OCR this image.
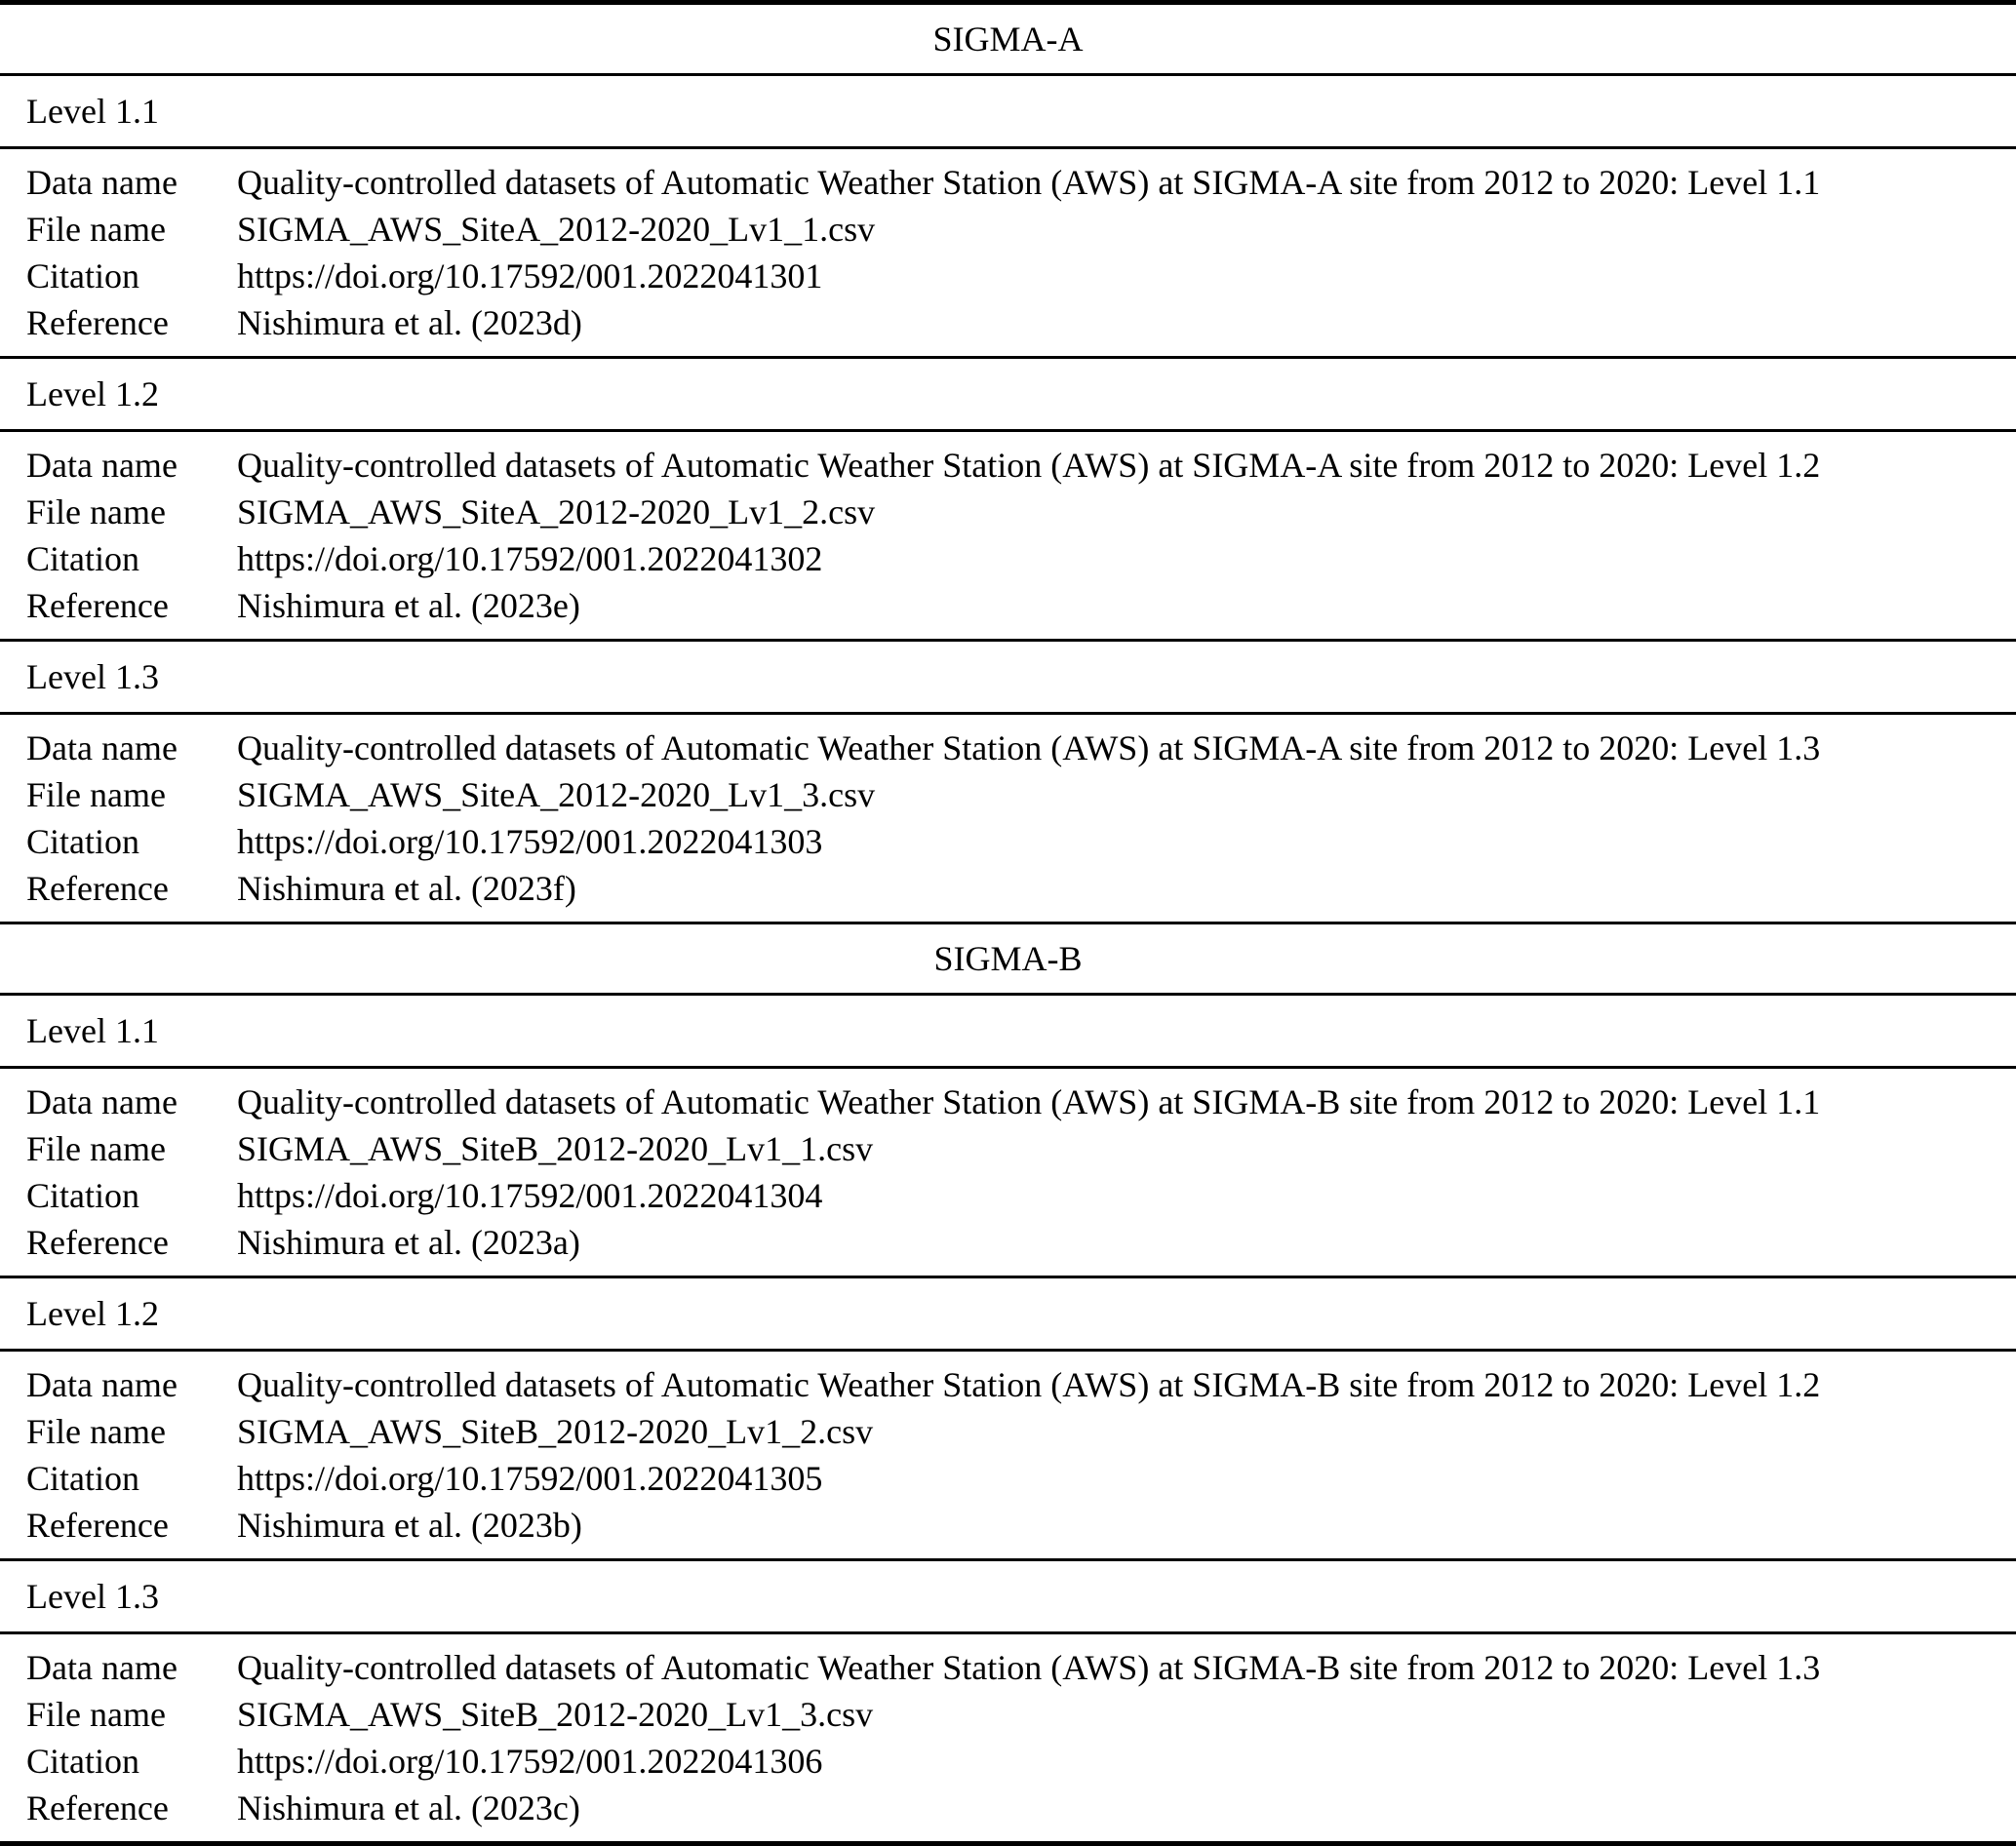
SIGMA-A
Level 1.1
Data name	Quality-controlled datasets of Automatic Weather Station (AWS) at SIGMA-A site from 2012 to 2020: Level 1.1
File name	SIGMA_AWS_SiteA_2012-2020_Lv1_1.csv
Citation	https://doi.org/10.17592/001.2022041301
Reference	Nishimura et al. (2023d)
Level 1.2
Data name	Quality-controlled datasets of Automatic Weather Station (AWS) at SIGMA-A site from 2012 to 2020: Level 1.2
File name	SIGMA_AWS_SiteA_2012-2020_Lv1_2.csv
Citation	https://doi.org/10.17592/001.2022041302
Reference	Nishimura et al. (2023e)
Level 1.3
Data name	Quality-controlled datasets of Automatic Weather Station (AWS) at SIGMA-A site from 2012 to 2020: Level 1.3
File name	SIGMA_AWS_SiteA_2012-2020_Lv1_3.csv
Citation	https://doi.org/10.17592/001.2022041303
Reference	Nishimura et al. (2023f)
SIGMA-B
Level 1.1
Data name	Quality-controlled datasets of Automatic Weather Station (AWS) at SIGMA-B site from 2012 to 2020: Level 1.1
File name	SIGMA_AWS_SiteB_2012-2020_Lv1_1.csv
Citation	https://doi.org/10.17592/001.2022041304
Reference	Nishimura et al. (2023a)
Level 1.2
Data name	Quality-controlled datasets of Automatic Weather Station (AWS) at SIGMA-B site from 2012 to 2020: Level 1.2
File name	SIGMA_AWS_SiteB_2012-2020_Lv1_2.csv
Citation	https://doi.org/10.17592/001.2022041305
Reference	Nishimura et al. (2023b)
Level 1.3
Data name	Quality-controlled datasets of Automatic Weather Station (AWS) at SIGMA-B site from 2012 to 2020: Level 1.3
File name	SIGMA_AWS_SiteB_2012-2020_Lv1_3.csv
Citation	https://doi.org/10.17592/001.2022041306
Reference	Nishimura et al. (2023c)
